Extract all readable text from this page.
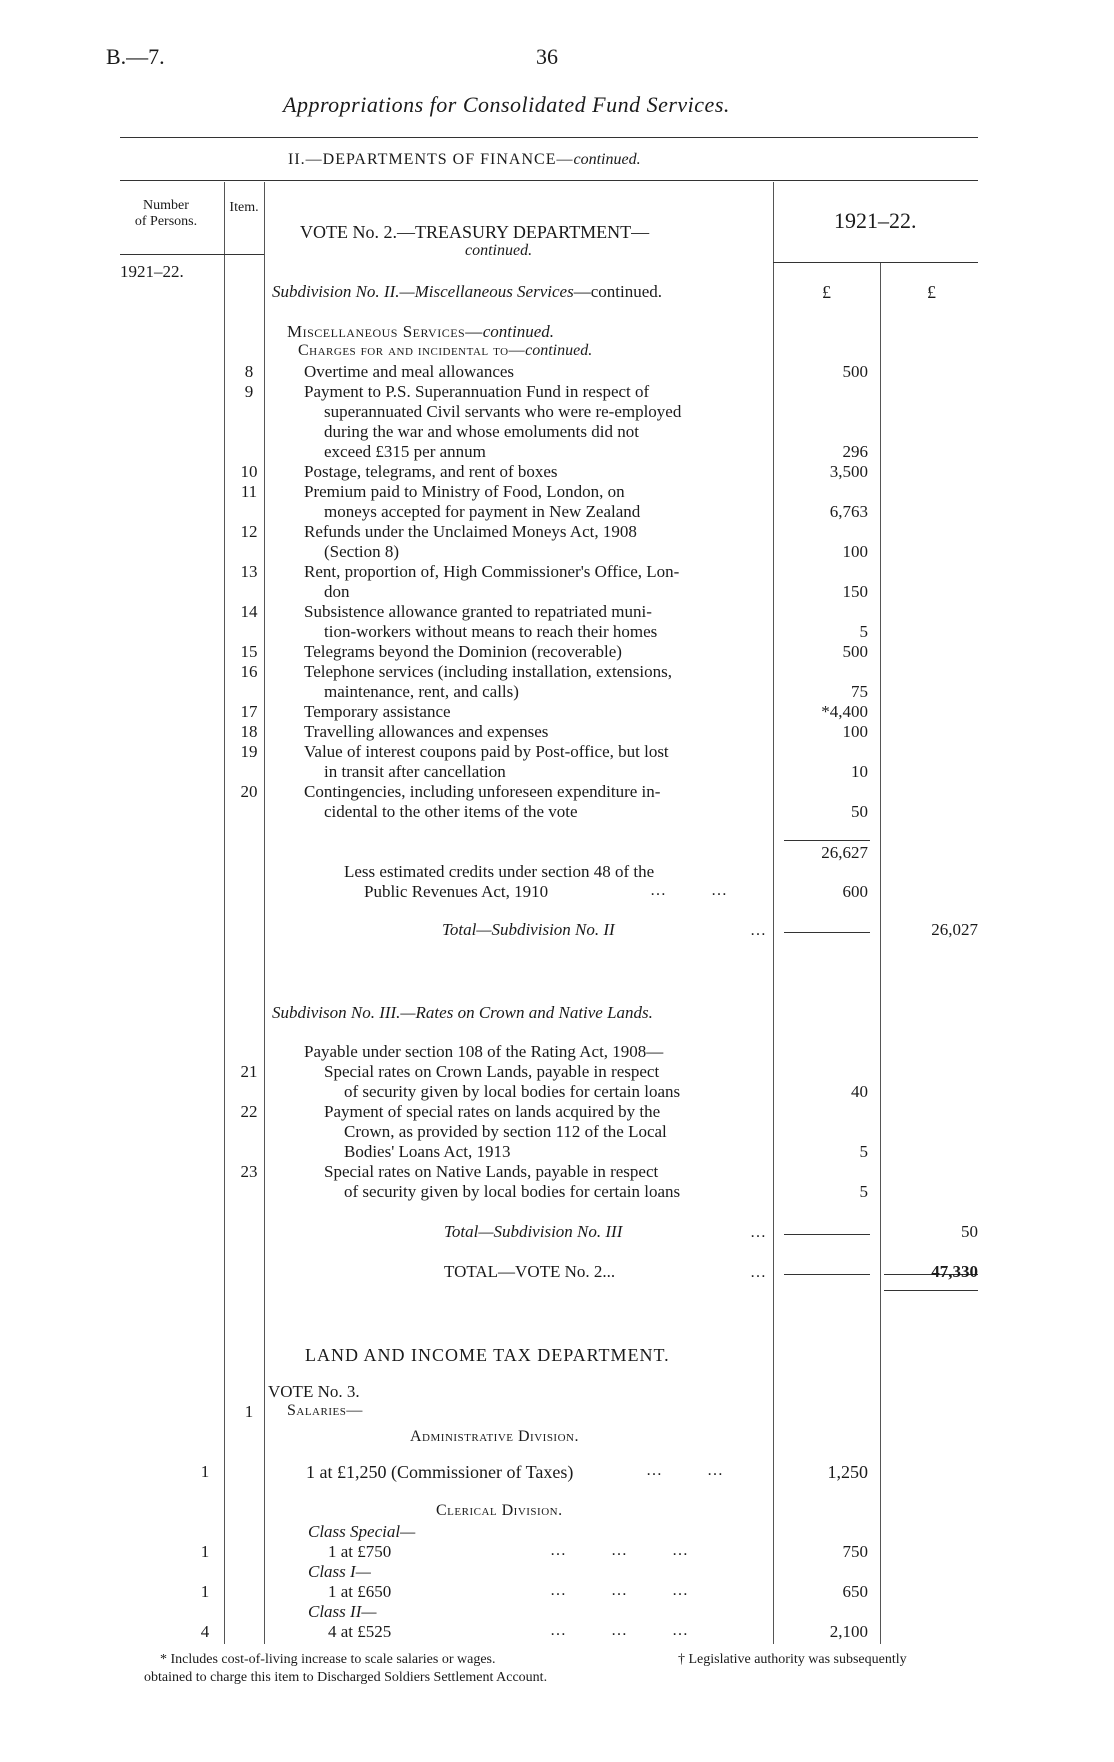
B.—7.	36
Appropriations for Consolidated Fund Services.
II.—DEPARTMENTS OF FINANCE—continued.
Number
of Persons.
Item.
VOTE No. 2.—TREASURY DEPARTMENT—
continued.
1921–22.
1921–22.
£	£
Subdivision No. II.—Miscellaneous Services—continued.
Miscellaneous Services—continued.
Charges for and incidental to—continued.
8	Overtime and meal allowances	500
9	Payment to P.S. Superannuation Fund in respect of
superannuated Civil servants who were re-employed
during the war and whose emoluments did not
exceed £315 per annum	296
10	Postage, telegrams, and rent of boxes	3,500
11	Premium paid to Ministry of Food, London, on
moneys accepted for payment in New Zealand	6,763
12	Refunds under the Unclaimed Moneys Act, 1908
(Section 8)	100
13	Rent, proportion of, High Commissioner's Office, Lon-
don	150
14	Subsistence allowance granted to repatriated muni-
tion-workers without means to reach their homes	5
15	Telegrams beyond the Dominion (recoverable)	500
16	Telephone services (including installation, extensions,
maintenance, rent, and calls)	75
17	Temporary assistance	*4,400
18	Travelling allowances and expenses	100
19	Value of interest coupons paid by Post-office, but lost
in transit after cancellation	10
20	Contingencies, including unforeseen expenditure in-
cidental to the other items of the vote	50
26,627
Less estimated credits under section 48 of the
Public Revenues Act, 1910	…      …	600
Total—Subdivision No. II	…	26,027
Subdivison No. III.—Rates on Crown and Native Lands.
Payable under section 108 of the Rating Act, 1908—
21	Special rates on Crown Lands, payable in respect
of security given by local bodies for certain loans	40
22	Payment of special rates on lands acquired by the
Crown, as provided by section 112 of the Local
Bodies' Loans Act, 1913	5
23	Special rates on Native Lands, payable in respect
of security given by local bodies for certain loans	5
Total—Subdivision No. III	…	50
TOTAL—VOTE No. 2...	…	47,330
LAND AND INCOME TAX DEPARTMENT.
VOTE No. 3.
1	Salaries—
Administrative Division.
1	1 at £1,250 (Commissioner of Taxes)	…      …	1,250
Clerical Division.
Class Special—
1	1 at £750	…      …      …	750
Class I—
1	1 at £650	…      …      …	650
Class II—
4	4 at £525	…      …      …	2,100
* Includes cost-of-living increase to scale salaries or wages.	† Legislative authority was subsequently
obtained to charge this item to Discharged Soldiers Settlement Account.
